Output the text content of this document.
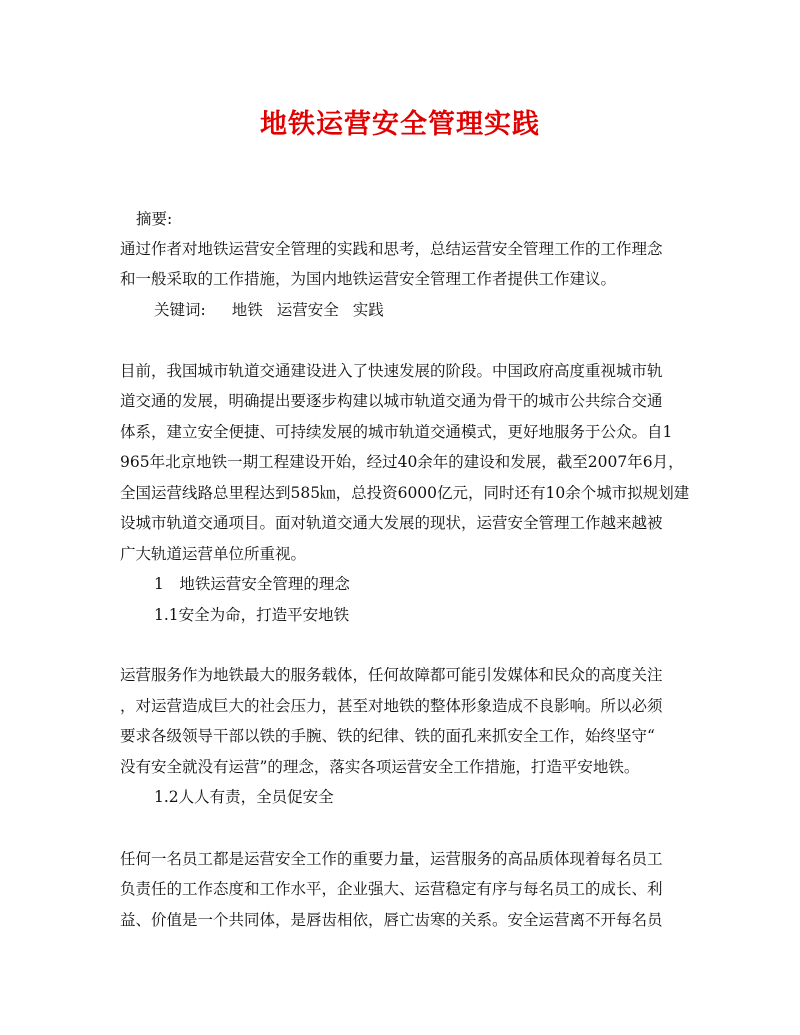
地铁运营安全管理实践
摘要:
通过作者对地铁运营安全管理的实践和思考，总结运营安全管理工作的工作理念
和一般采取的工作措施，为国内地铁运营安全管理工作者提供工作建议。
关键词: 地铁 运营安全 实践
目前，我国城市轨道交通建设进入了快速发展的阶段。中国政府高度重视城市轨
道交通的发展，明确提出要逐步构建以城市轨道交通为骨干的城市公共综合交通
体系，建立安全便捷、可持续发展的城市轨道交通模式，更好地服务于公众。自1
965年北京地铁一期工程建设开始，经过40余年的建设和发展，截至2007年6月，
全国运营线路总里程达到585㎞，总投资6000亿元，同时还有10余个城市拟规划建
设城市轨道交通项目。面对轨道交通大发展的现状，运营安全管理工作越来越被
广大轨道运营单位所重视。
1　地铁运营安全管理的理念
1.1安全为命，打造平安地铁
运营服务作为地铁最大的服务载体，任何故障都可能引发媒体和民众的高度关注
，对运营造成巨大的社会压力，甚至对地铁的整体形象造成不良影响。所以必须
要求各级领导干部以铁的手腕、铁的纪律、铁的面孔来抓安全工作，始终坚守“
没有安全就没有运营”的理念，落实各项运营安全工作措施，打造平安地铁。
1.2人人有责，全员促安全
任何一名员工都是运营安全工作的重要力量，运营服务的高品质体现着每名员工
负责任的工作态度和工作水平，企业强大、运营稳定有序与每名员工的成长、利
益、价值是一个共同体，是唇齿相依，唇亡齿寒的关系。安全运营离不开每名员
